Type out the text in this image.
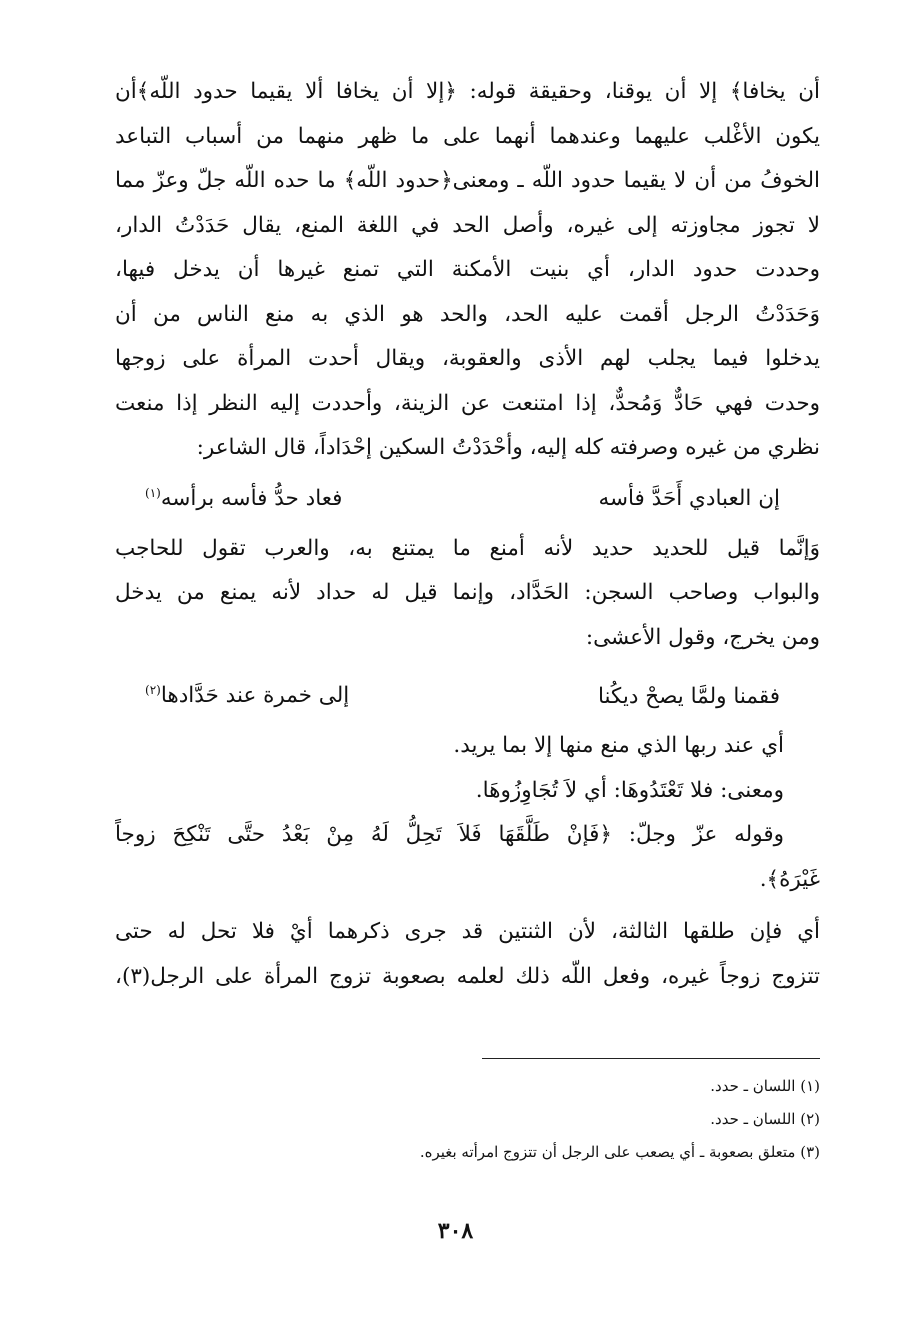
أن يخافا﴾ إلا أن يوقنا، وحقيقة قوله: ﴿إلا أن يخافا ألا يقيما حدود اللّه﴾أن
يكون الأغْلب عليهما وعندهما أنهما على ما ظهر منهما من أسباب التباعد
الخوفُ من أن لا يقيما حدود اللّه ـ ومعنى﴿حدود اللّه﴾ ما حده اللّه جلّ وعزّ مما
لا تجوز مجاوزته إلى غيره، وأصل الحد في اللغة المنع، يقال حَدَدْتُ الدار،
وحددت حدود الدار، أي بنيت الأمكنة التي تمنع غيرها أن يدخل فيها،
وَحَدَدْتُ الرجل أقمت عليه الحد، والحد هو الذي به منع الناس من أن
يدخلوا فيما يجلب لهم الأذى والعقوبة، ويقال أحدت المرأة على زوجها
وحدت فهي حَادٌّ وَمُحدٌّ، إذا امتنعت عن الزينة، وأحددت إليه النظر إذا منعت
نظري من غيره وصرفته كله إليه، وأحْدَدْتُ السكين إحْدَاداً، قال الشاعر:
إن العبادي أَحَدَّ فأسه
فعاد حدُّ فأسه برأسه$^{(١)}$
وَإنَّما قيل للحديد حديد لأنه أمنع ما يمتنع به، والعرب تقول للحاجب
والبواب وصاحب السجن: الحَدَّاد، وإنما قيل له حداد لأنه يمنع من يدخل
ومن يخرج، وقول الأعشى:
فقمنا ولمَّا يصحْ ديكُنا
إلى خمرة عند حَدَّادها$^{(٢)}$
أي عند ربها الذي منع منها إلا بما يريد.
ومعنى: فلا تَعْتَدُوهَا: أي لاَ تُجَاوِزُوهَا.
وقوله عزّ وجلّ: ﴿فَإنْ طَلَّقَهَا فَلاَ تَحِلُّ لَهُ مِنْ بَعْدُ حتَّى تَنْكِحَ زوجاً
غَيْرَهُ﴾.
أي فإن طلقها الثالثة، لأن الثنتين قد جرى ذكرهما أيْ فلا تحل له حتى
تتزوج زوجاً غيره، وفعل اللّه ذلك لعلمه بصعوبة تزوج المرأة على الرجل(٣)،
(١) اللسان ـ حدد.
(٢) اللسان ـ حدد.
(٣) متعلق بصعوبة ـ أي يصعب على الرجل أن تتزوج امرأته بغيره.
٣٠٨
